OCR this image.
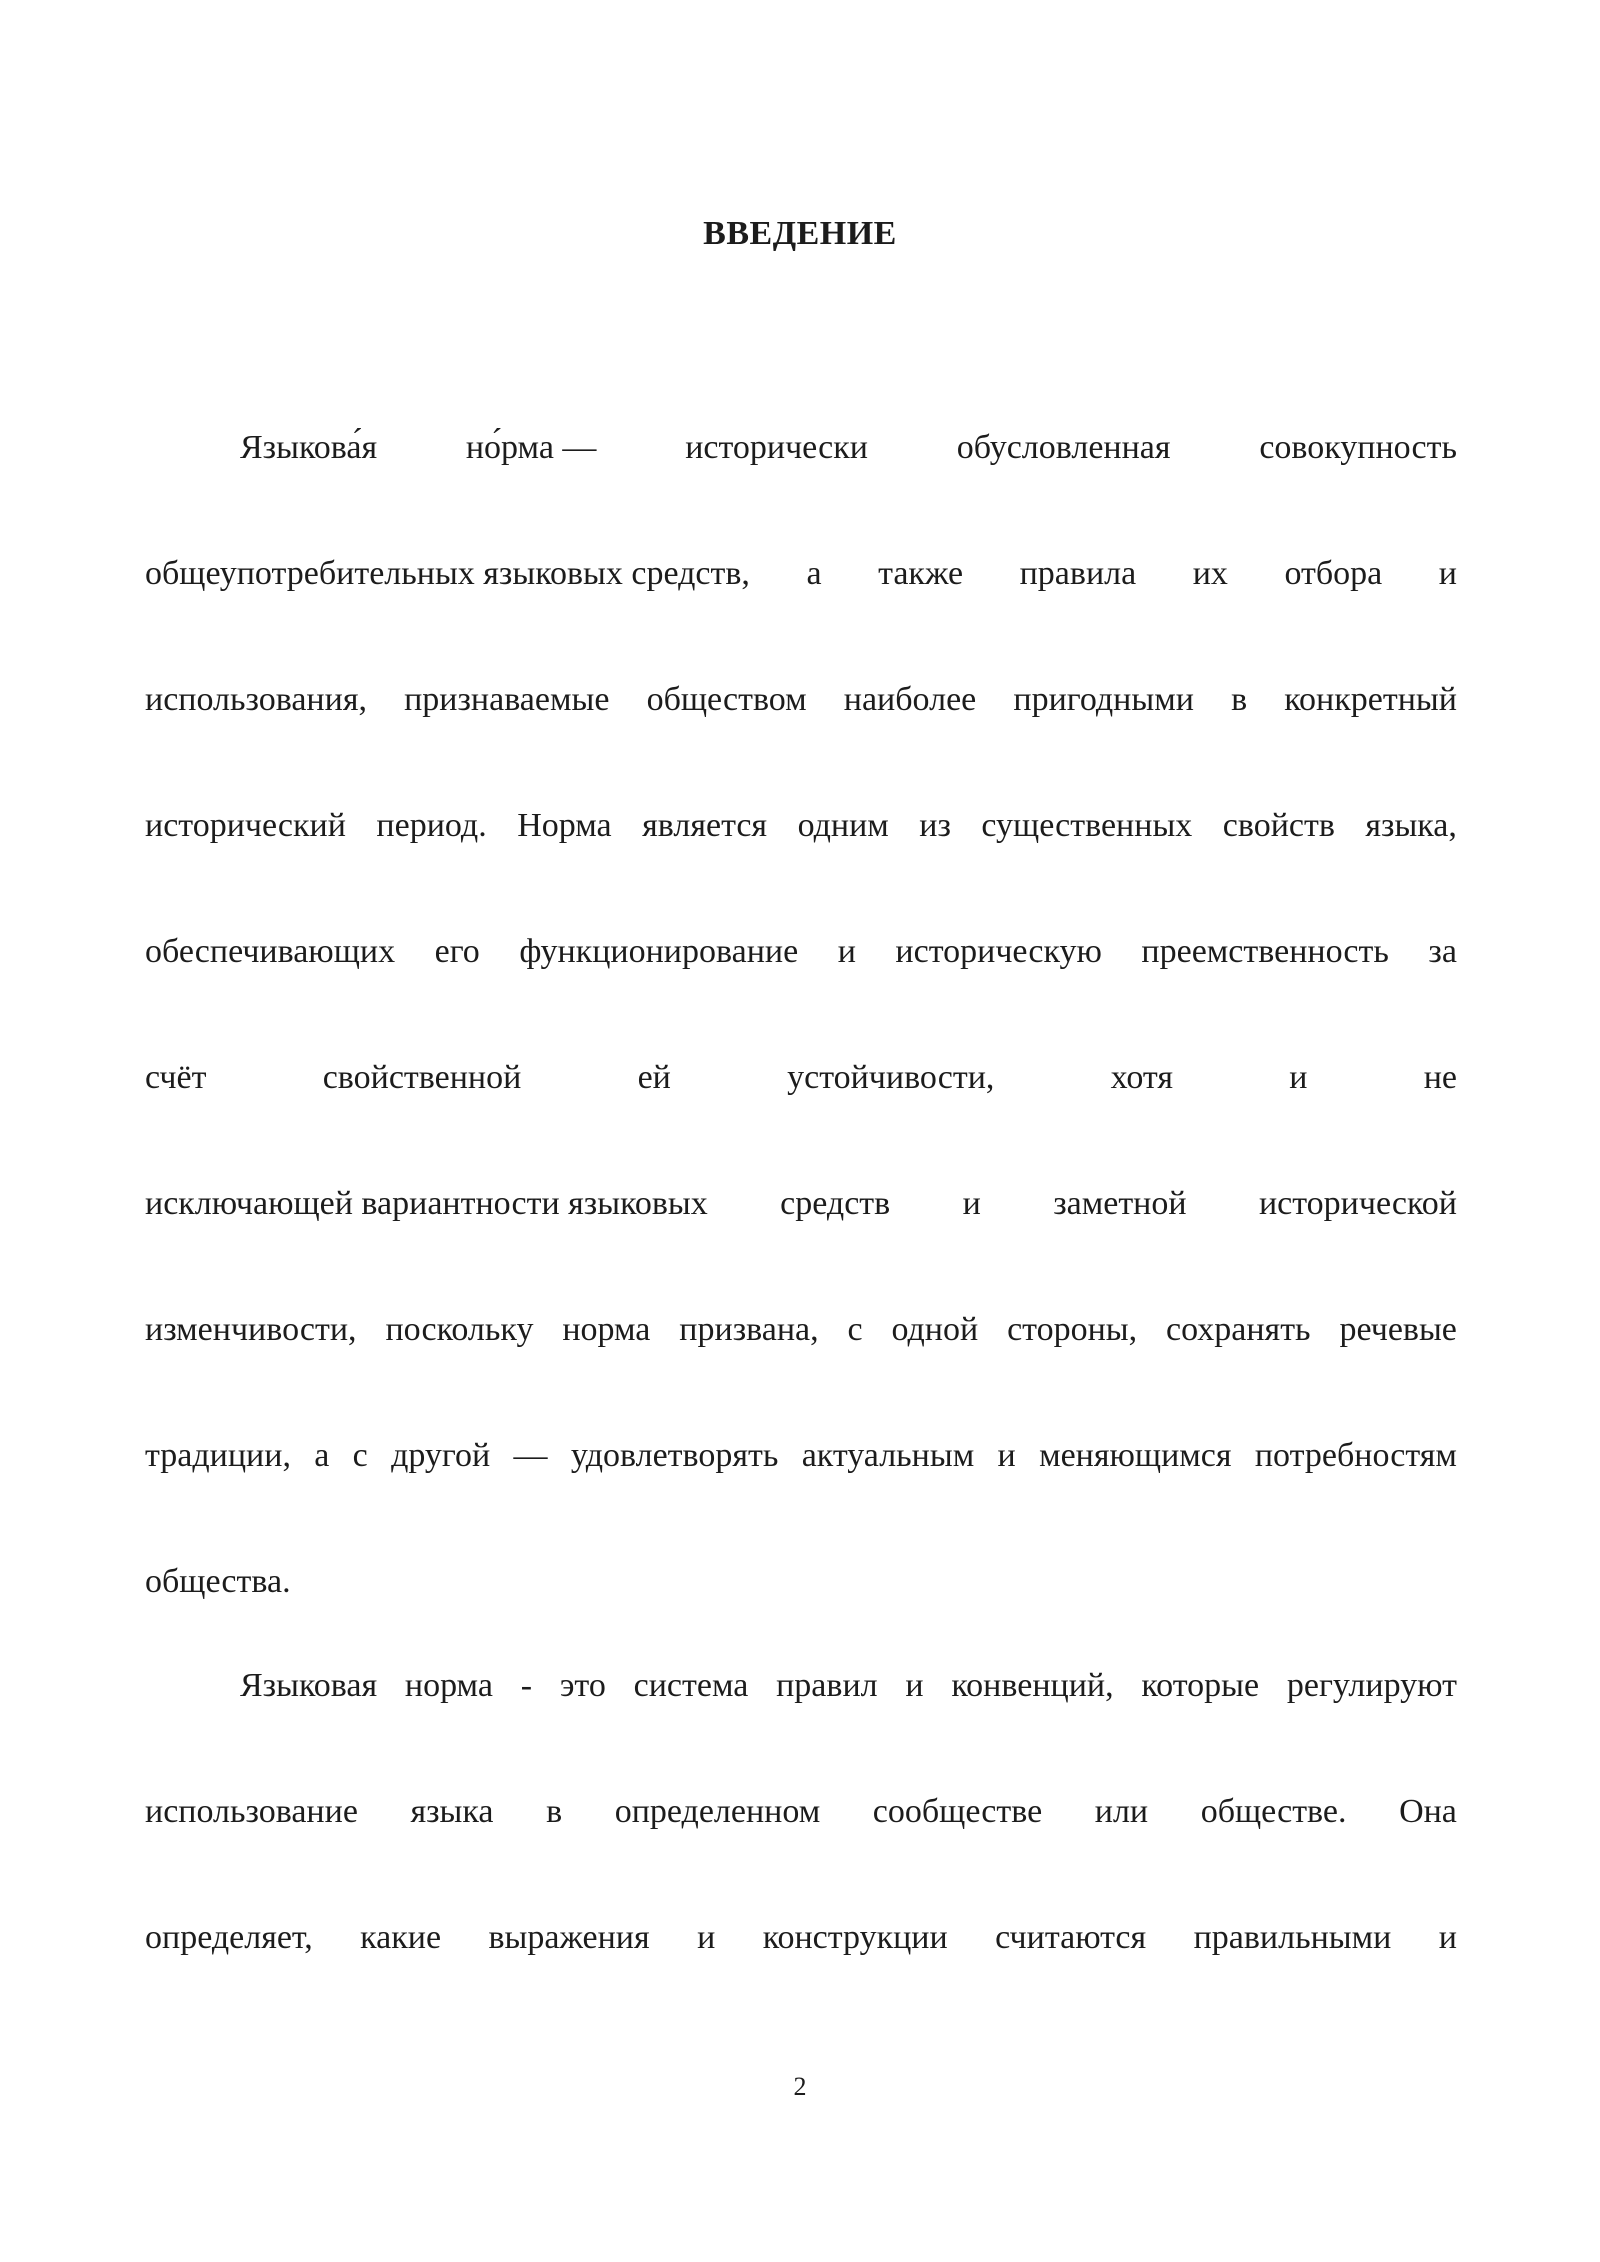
ВВЕДЕНИЕ
Языкова́я	но́рма —	исторически	обусловленная	совокупность
общеупотребительных языковых средств, а также правила их отбора и
использования, признаваемые обществом наиболее пригодными в конкретный
исторический период. Норма является одним из существенных свойств языка,
обеспечивающих его функционирование и историческую преемственность за
счёт	свойственной	ей	устойчивости,	хотя	и	не
исключающей вариантности языковых средств и заметной исторической
изменчивости, поскольку норма призвана, с одной стороны, сохранять речевые
традиции, а с другой — удовлетворять актуальным и меняющимся потребностям
общества.
Языковая норма - это система правил и конвенций, которые регулируют
использование языка в определенном сообществе или обществе. Она
определяет, какие выражения и конструкции считаются правильными и
2
